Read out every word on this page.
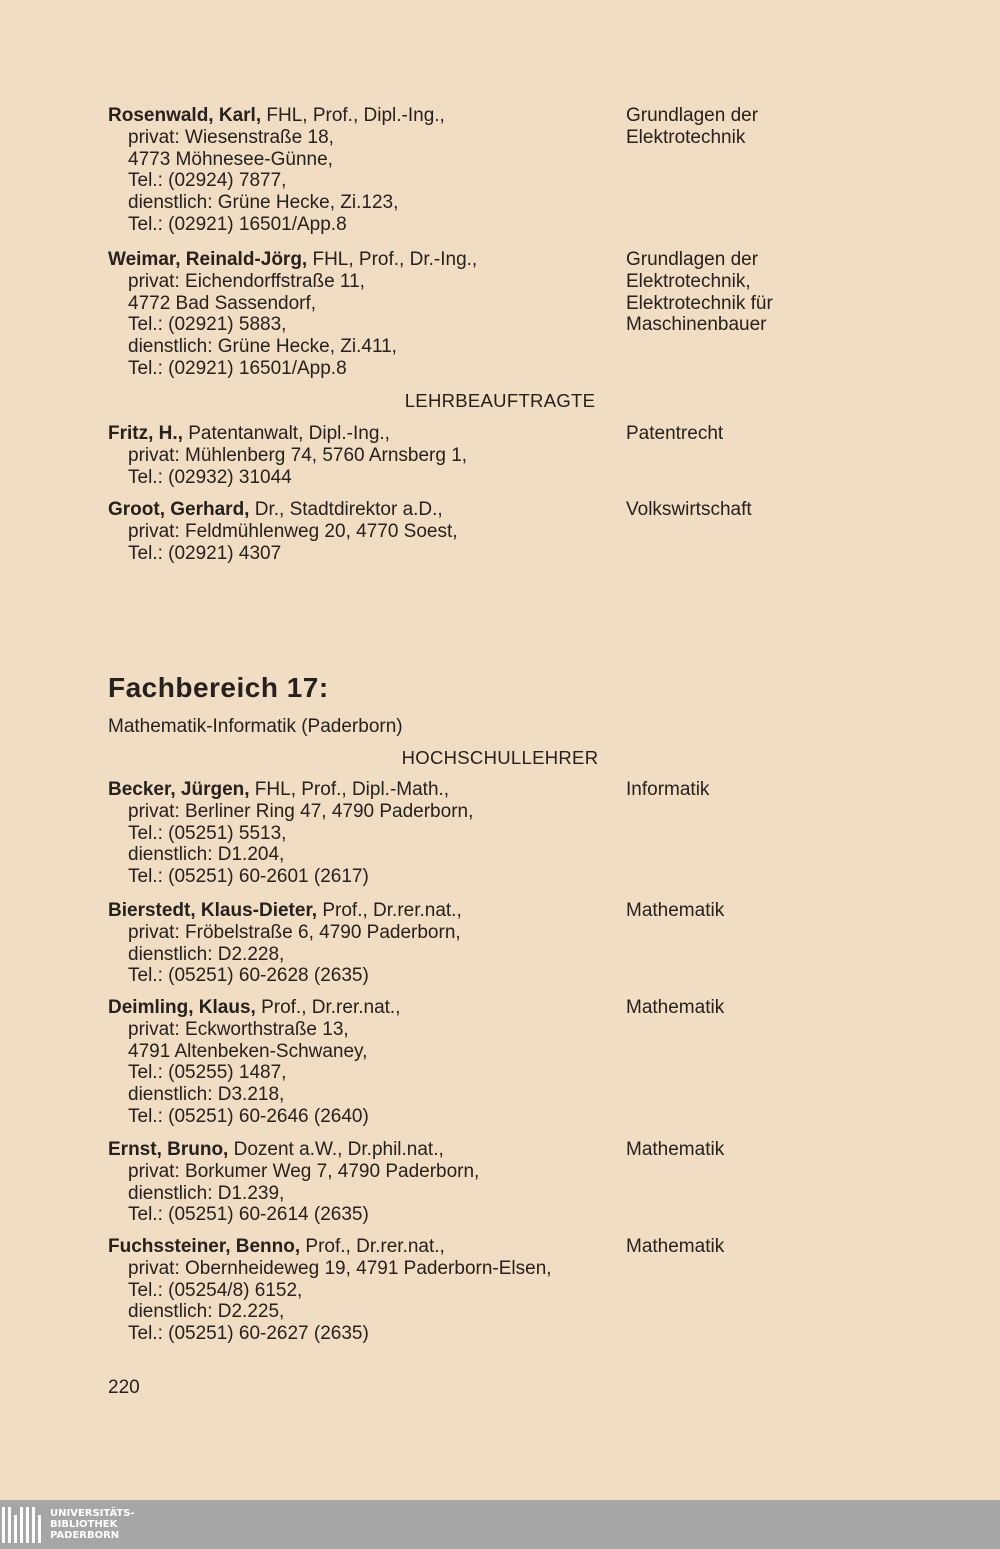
Rosenwald, Karl, FHL, Prof., Dipl.-Ing.,
privat: Wiesenstraße 18,
4773 Möhnesee-Günne,
Tel.: (02924) 7877,
dienstlich: Grüne Hecke, Zi.123,
Tel.: (02921) 16501/App.8
Grundlagen der
Elektrotechnik
Weimar, Reinald-Jörg, FHL, Prof., Dr.-Ing.,
privat: Eichendorffstraße 11,
4772 Bad Sassendorf,
Tel.: (02921) 5883,
dienstlich: Grüne Hecke, Zi.411,
Tel.: (02921) 16501/App.8
Grundlagen der
Elektrotechnik,
Elektrotechnik für
Maschinenbauer
LEHRBEAUFTRAGTE
Fritz, H., Patentanwalt, Dipl.-Ing.,
privat: Mühlenberg 74, 5760 Arnsberg 1,
Tel.: (02932) 31044
Patentrecht
Groot, Gerhard, Dr., Stadtdirektor a.D.,
privat: Feldmühlenweg 20, 4770 Soest,
Tel.: (02921) 4307
Volkswirtschaft
Fachbereich 17:
Mathematik-Informatik (Paderborn)
HOCHSCHULLEHRER
Becker, Jürgen, FHL, Prof., Dipl.-Math.,
privat: Berliner Ring 47, 4790 Paderborn,
Tel.: (05251) 5513,
dienstlich: D1.204,
Tel.: (05251) 60-2601 (2617)
Informatik
Bierstedt, Klaus-Dieter, Prof., Dr.rer.nat.,
privat: Fröbelstraße 6, 4790 Paderborn,
dienstlich: D2.228,
Tel.: (05251) 60-2628 (2635)
Mathematik
Deimling, Klaus, Prof., Dr.rer.nat.,
privat: Eckworthstraße 13,
4791 Altenbeken-Schwaney,
Tel.: (05255) 1487,
dienstlich: D3.218,
Tel.: (05251) 60-2646 (2640)
Mathematik
Ernst, Bruno, Dozent a.W., Dr.phil.nat.,
privat: Borkumer Weg 7, 4790 Paderborn,
dienstlich: D1.239,
Tel.: (05251) 60-2614 (2635)
Mathematik
Fuchssteiner, Benno, Prof., Dr.rer.nat.,
privat: Obernheideweg 19, 4791 Paderborn-Elsen,
Tel.: (05254/8) 6152,
dienstlich: D2.225,
Tel.: (05251) 60-2627 (2635)
Mathematik
220
UNIVERSITÄTS-
BIBLIOTHEK
PADERBORN
